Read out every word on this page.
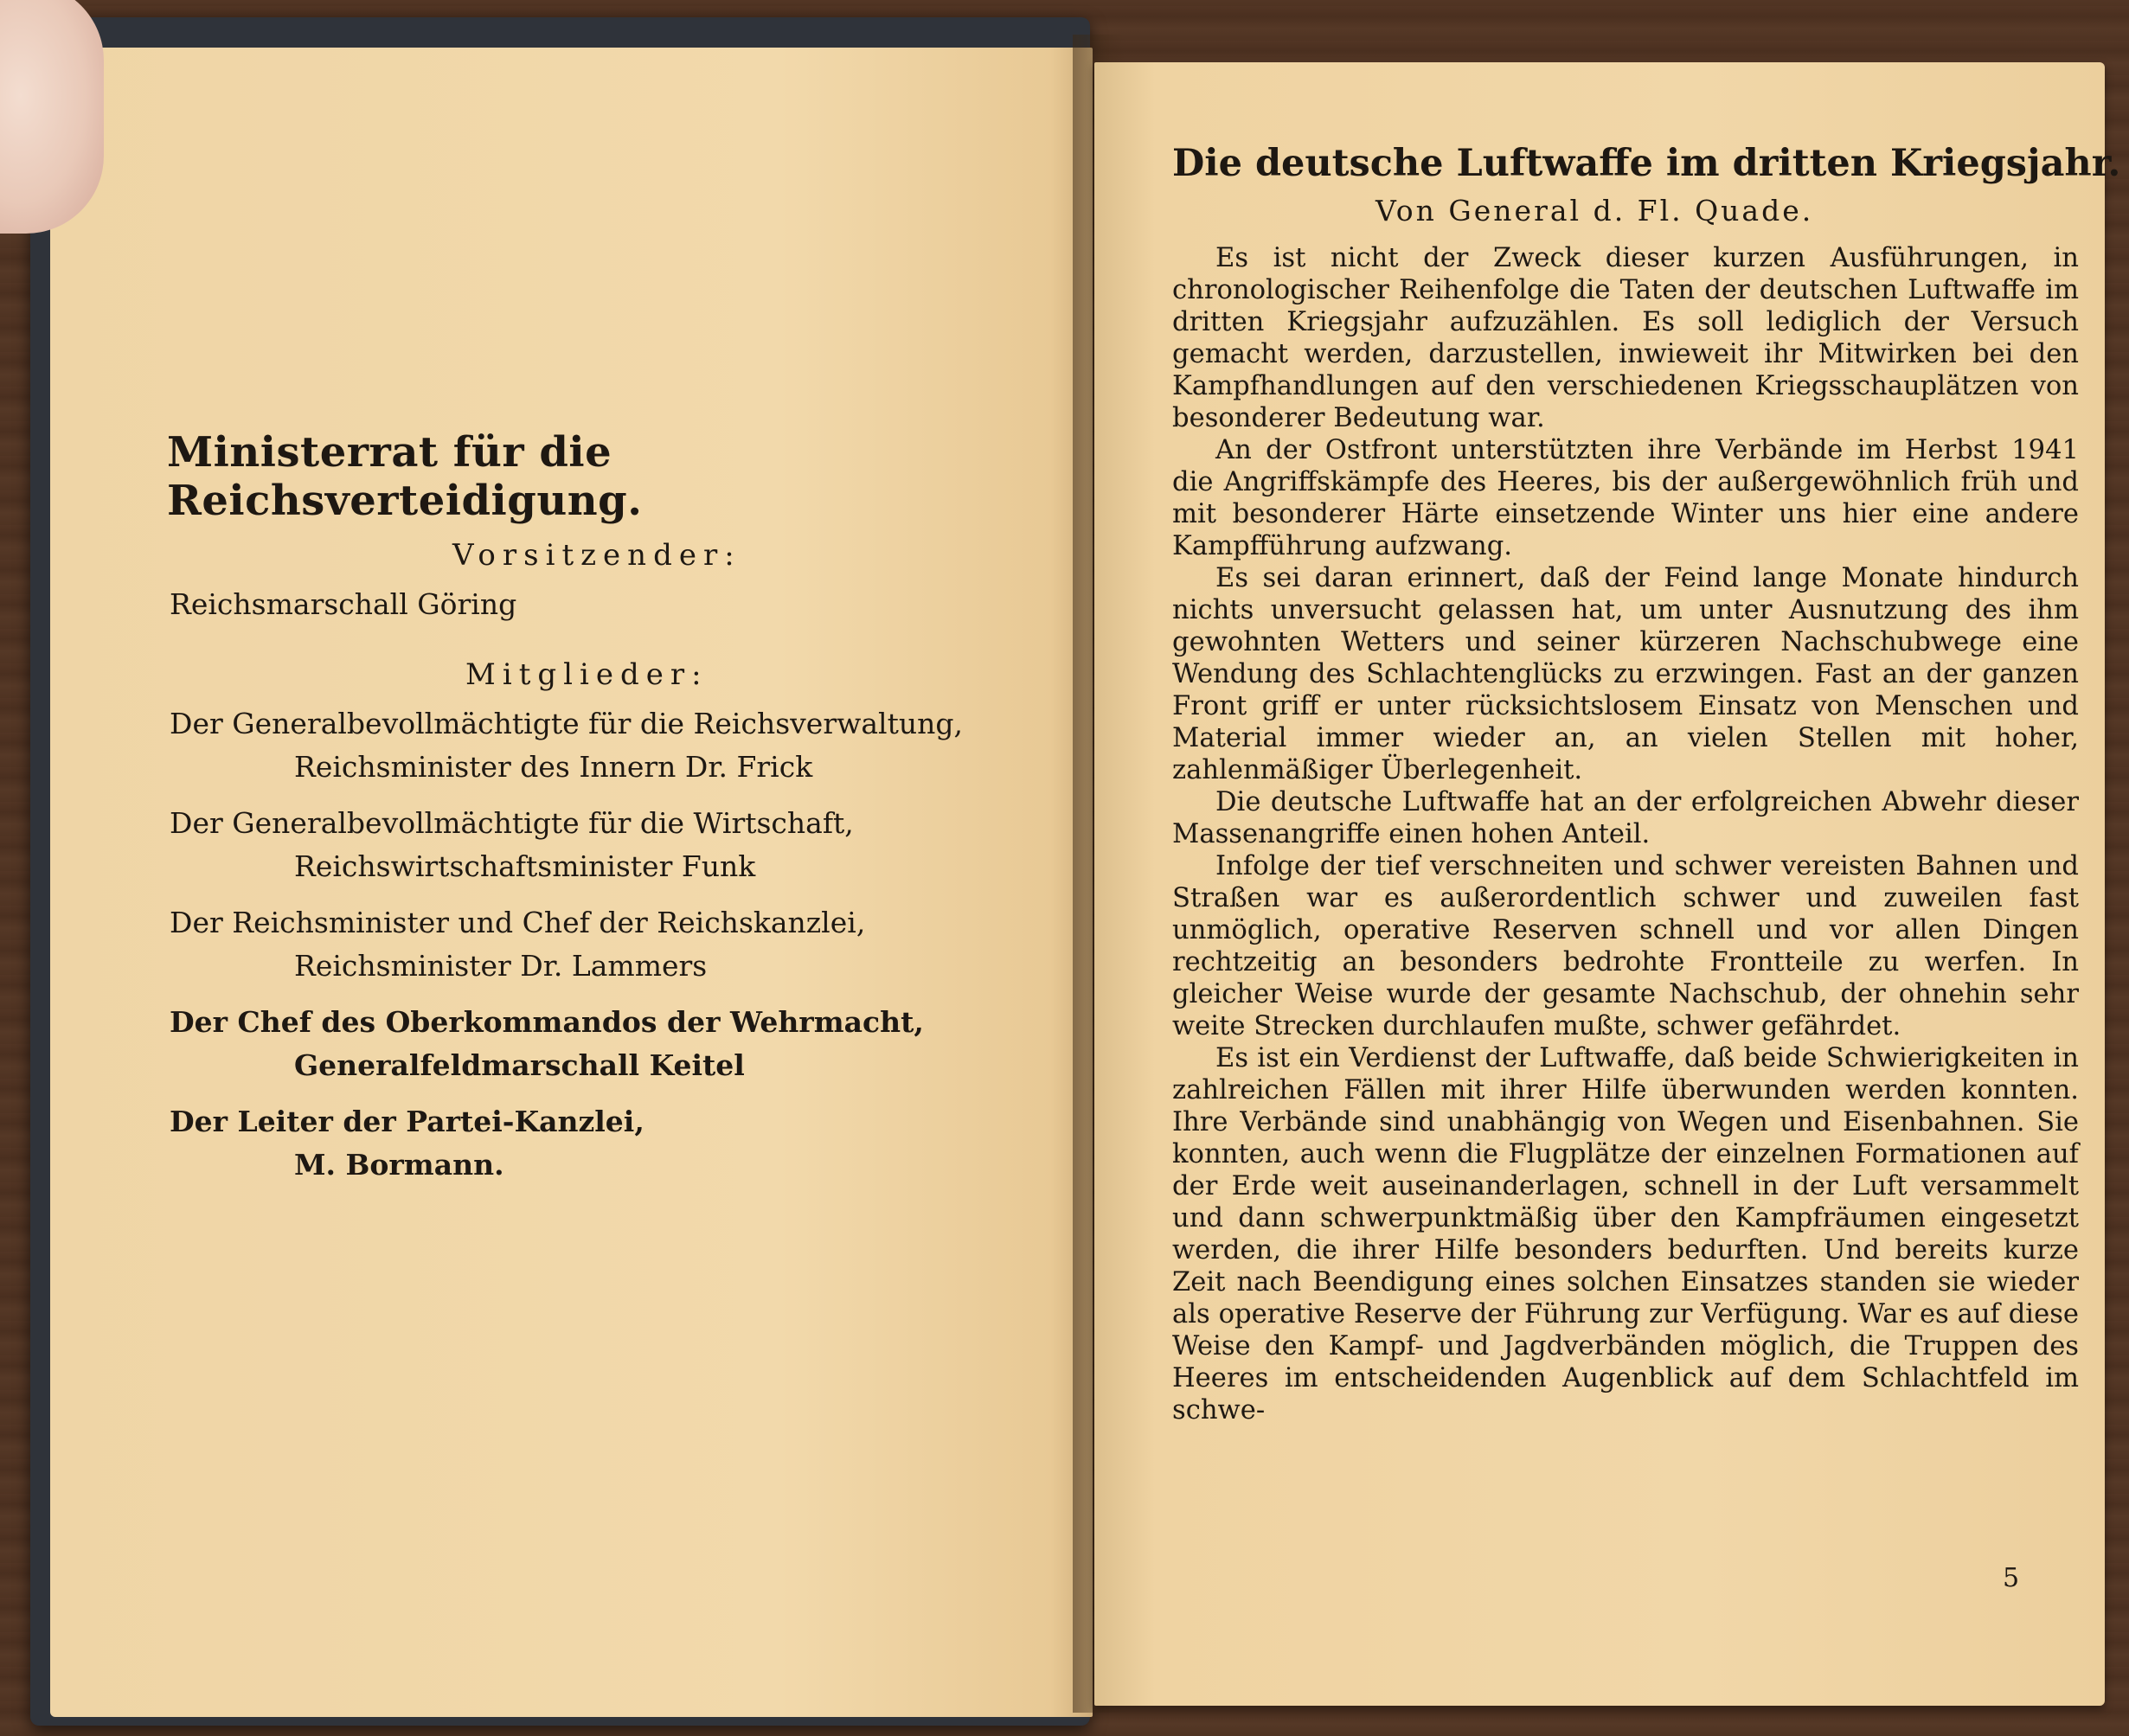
Ministerrat für die Reichsverteidigung.

Vorsitzender:

Reichsmarschall Göring

Mitglieder:

Der Generalbevollmächtigte für die Reichsverwaltung,

Reichsminister des Innern Dr. Frick

Der Generalbevollmächtigte für die Wirtschaft,

Reichswirtschaftsminister Funk

Der Reichsminister und Chef der Reichskanzlei,

Reichsminister Dr. Lammers

Der Chef des Oberkommandos der Wehrmacht,

Generalfeldmarschall Keitel

Der Leiter der Partei-Kanzlei,

M. Bormann.

Die deutsche Luftwaffe im dritten Kriegsjahr.

Von General d. Fl. Quade.

Es ist nicht der Zweck dieser kurzen Ausführungen, in chronologischer Reihenfolge die Taten der deutschen Luftwaffe im dritten Kriegsjahr aufzuzählen. Es soll lediglich der Versuch gemacht werden, darzustellen, inwieweit ihr Mitwirken bei den Kampfhandlungen auf den verschiedenen Kriegsschauplätzen von besonderer Bedeutung war.

An der Ostfront unterstützten ihre Verbände im Herbst 1941 die Angriffskämpfe des Heeres, bis der außergewöhnlich früh und mit besonderer Härte einsetzende Winter uns hier eine andere Kampfführung aufzwang.

Es sei daran erinnert, daß der Feind lange Monate hindurch nichts unversucht gelassen hat, um unter Ausnutzung des ihm gewohnten Wetters und seiner kürzeren Nachschubwege eine Wendung des Schlachtenglücks zu erzwingen. Fast an der ganzen Front griff er unter rücksichtslosem Einsatz von Menschen und Material immer wieder an, an vielen Stellen mit hoher, zahlenmäßiger Überlegenheit.

Die deutsche Luftwaffe hat an der erfolgreichen Abwehr dieser Massenangriffe einen hohen Anteil.

Infolge der tief verschneiten und schwer vereisten Bahnen und Straßen war es außerordentlich schwer und zuweilen fast unmöglich, operative Reserven schnell und vor allen Dingen rechtzeitig an besonders bedrohte Frontteile zu werfen. In gleicher Weise wurde der gesamte Nachschub, der ohnehin sehr weite Strecken durchlaufen mußte, schwer gefährdet.

Es ist ein Verdienst der Luftwaffe, daß beide Schwierigkeiten in zahlreichen Fällen mit ihrer Hilfe überwunden werden konnten. Ihre Verbände sind unabhängig von Wegen und Eisenbahnen. Sie konnten, auch wenn die Flugplätze der einzelnen Formationen auf der Erde weit auseinanderlagen, schnell in der Luft versammelt und dann schwerpunktmäßig über den Kampfräumen eingesetzt werden, die ihrer Hilfe besonders bedurften. Und bereits kurze Zeit nach Beendigung eines solchen Einsatzes standen sie wieder als operative Reserve der Führung zur Verfügung. War es auf diese Weise den Kampf- und Jagdverbänden möglich, die Truppen des Heeres im entscheidenden Augenblick auf dem Schlachtfeld im schwe-

5
